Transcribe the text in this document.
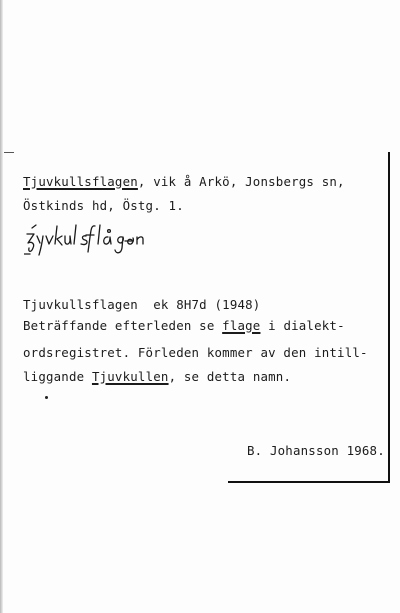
Tjuvkullsflagen, vik å Arkö, Jonsbergs sn,
Östkinds hd, Östg. 1.
Tjuvkullsflagen  ek 8H7d (1948)
Beträffande efterleden se flage i dialekt-
ordsregistret. Förleden kommer av den intill-
liggande Tjuvkullen, se detta namn.
B. Johansson 1968.
